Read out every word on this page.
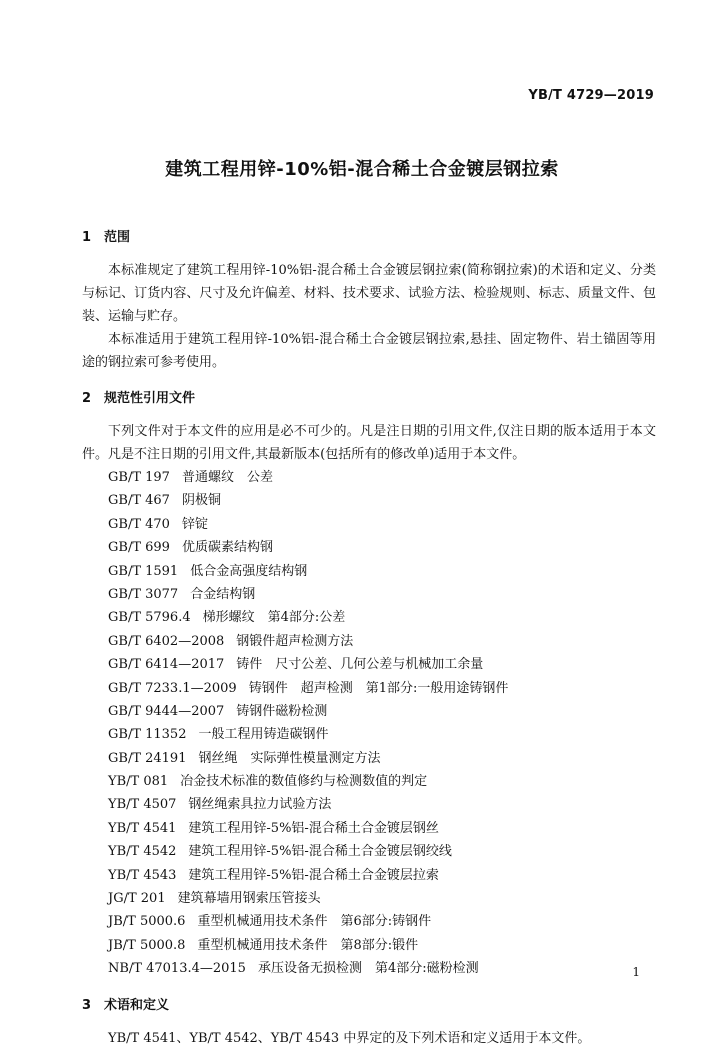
YB/T 4729—2019
建筑工程用锌-10%铝-混合稀土合金镀层钢拉索
1 范围

本标准规定了建筑工程用锌-10%铝-混合稀土合金镀层钢拉索(简称钢拉索)的术语和定义、分类与标记、订货内容、尺寸及允许偏差、材料、技术要求、试验方法、检验规则、标志、质量文件、包装、运输与贮存。

本标准适用于建筑工程用锌-10%铝-混合稀土合金镀层钢拉索,悬挂、固定物件、岩土锚固等用途的钢拉索可参考使用。

2 规范性引用文件

下列文件对于本文件的应用是必不可少的。凡是注日期的引用文件,仅注日期的版本适用于本文件。凡是不注日期的引用文件,其最新版本(包括所有的修改单)适用于本文件。

GB/T 197 普通螺纹　公差
GB/T 467 阴极铜
GB/T 470 锌锭
GB/T 699 优质碳素结构钢
GB/T 1591 低合金高强度结构钢
GB/T 3077 合金结构钢
GB/T 5796.4 梯形螺纹　第4部分:公差
GB/T 6402—2008 钢锻件超声检测方法
GB/T 6414—2017 铸件　尺寸公差、几何公差与机械加工余量
GB/T 7233.1—2009 铸钢件　超声检测　第1部分:一般用途铸钢件
GB/T 9444—2007 铸钢件磁粉检测
GB/T 11352 一般工程用铸造碳钢件
GB/T 24191 钢丝绳　实际弹性模量测定方法
YB/T 081 冶金技术标准的数值修约与检测数值的判定
YB/T 4507 钢丝绳索具拉力试验方法
YB/T 4541 建筑工程用锌-5%铝-混合稀土合金镀层钢丝
YB/T 4542 建筑工程用锌-5%铝-混合稀土合金镀层钢绞线
YB/T 4543 建筑工程用锌-5%铝-混合稀土合金镀层拉索
JG/T 201 建筑幕墙用钢索压管接头
JB/T 5000.6 重型机械通用技术条件　第6部分:铸钢件
JB/T 5000.8 重型机械通用技术条件　第8部分:锻件
NB/T 47013.4—2015 承压设备无损检测　第4部分:磁粉检测
3 术语和定义

YB/T 4541、YB/T 4542、YB/T 4543 中界定的及下列术语和定义适用于本文件。

1
